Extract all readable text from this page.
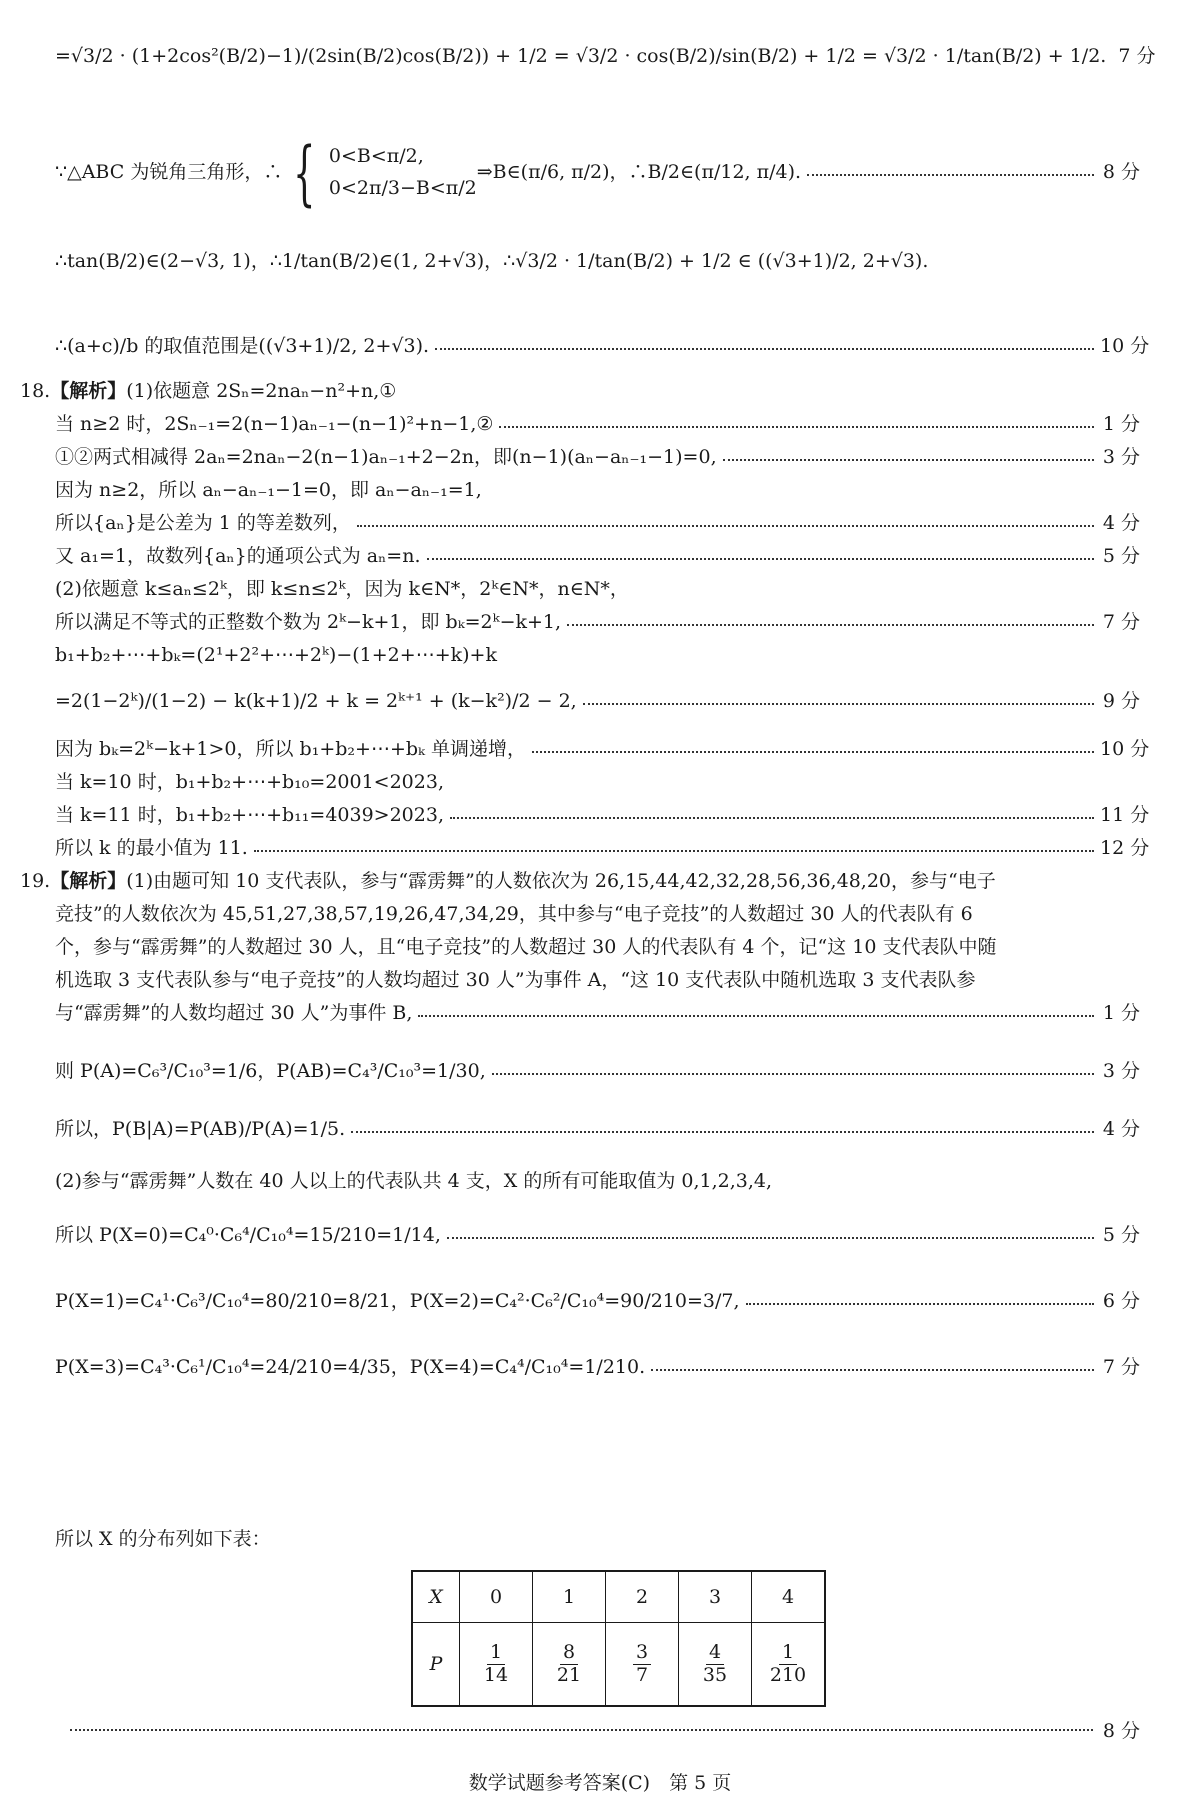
=√3/2 · (1+2cos²(B/2)−1)/(2sin(B/2)cos(B/2)) + 1/2 = √3/2 · cos(B/2)/sin(B/2) + 1/2 = √3/2 · 1/tan(B/2) + 1/2. 7 分
∵△ABC 为锐角三角形，∴ { 0<B<π/2,
0<2π/3−B<π/2
⇒B∈(π/6, π/2)，∴B/2∈(π/12, π/4).	8 分
∴tan(B/2)∈(2−√3, 1)，∴1/tan(B/2)∈(1, 2+√3)，∴√3/2 · 1/tan(B/2) + 1/2 ∈ ((√3+1)/2, 2+√3).
∴(a+c)/b 的取值范围是((√3+1)/2, 2+√3).	10 分
18. 【解析】 (1)依题意 2Sₙ=2naₙ−n²+n,①
当 n≥2 时，2Sₙ₋₁=2(n−1)aₙ₋₁−(n−1)²+n−1,②	1 分
①②两式相减得 2aₙ=2naₙ−2(n−1)aₙ₋₁+2−2n，即(n−1)(aₙ−aₙ₋₁−1)=0,	3 分
因为 n≥2，所以 aₙ−aₙ₋₁−1=0，即 aₙ−aₙ₋₁=1,
所以{aₙ}是公差为 1 的等差数列，	4 分
又 a₁=1，故数列{aₙ}的通项公式为 aₙ=n.	5 分
(2)依题意 k≤aₙ≤2ᵏ，即 k≤n≤2ᵏ，因为 k∈N*，2ᵏ∈N*，n∈N*，
所以满足不等式的正整数个数为 2ᵏ−k+1，即 bₖ=2ᵏ−k+1,	7 分
b₁+b₂+⋯+bₖ=(2¹+2²+⋯+2ᵏ)−(1+2+⋯+k)+k
=2(1−2ᵏ)/(1−2) − k(k+1)/2 + k = 2ᵏ⁺¹ + (k−k²)/2 − 2,	9 分
因为 bₖ=2ᵏ−k+1>0，所以 b₁+b₂+⋯+bₖ 单调递增，	10 分
当 k=10 时，b₁+b₂+⋯+b₁₀=2001<2023,
当 k=11 时，b₁+b₂+⋯+b₁₁=4039>2023,	11 分
所以 k 的最小值为 11.	12 分
19. 【解析】 (1)由题可知 10 支代表队，参与“霹雳舞”的人数依次为 26,15,44,42,32,28,56,36,48,20，参与“电子
竞技”的人数依次为 45,51,27,38,57,19,26,47,34,29，其中参与“电子竞技”的人数超过 30 人的代表队有 6
个，参与“霹雳舞”的人数超过 30 人，且“电子竞技”的人数超过 30 人的代表队有 4 个，记“这 10 支代表队中随
机选取 3 支代表队参与“电子竞技”的人数均超过 30 人”为事件 A，“这 10 支代表队中随机选取 3 支代表队参
与“霹雳舞”的人数均超过 30 人”为事件 B,	1 分
则 P(A)=C₆³/C₁₀³=1/6，P(AB)=C₄³/C₁₀³=1/30,	3 分
所以，P(B|A)=P(AB)/P(A)=1/5.	4 分
(2)参与“霹雳舞”人数在 40 人以上的代表队共 4 支，X 的所有可能取值为 0,1,2,3,4,
所以 P(X=0)=C₄⁰·C₆⁴/C₁₀⁴=15/210=1/14,	5 分
P(X=1)=C₄¹·C₆³/C₁₀⁴=80/210=8/21，P(X=2)=C₄²·C₆²/C₁₀⁴=90/210=3/7,	6 分
P(X=3)=C₄³·C₆¹/C₁₀⁴=24/210=4/35，P(X=4)=C₄⁴/C₁₀⁴=1/210.	7 分
所以 X 的分布列如下表：
X	0	1	2	3	4
P	$\frac{1}{14}$	$\frac{8}{21}$	$\frac{3}{7}$	$\frac{4}{35}$	$\frac{1}{210}$
8 分
数学试题参考答案(C)　第 5 页
